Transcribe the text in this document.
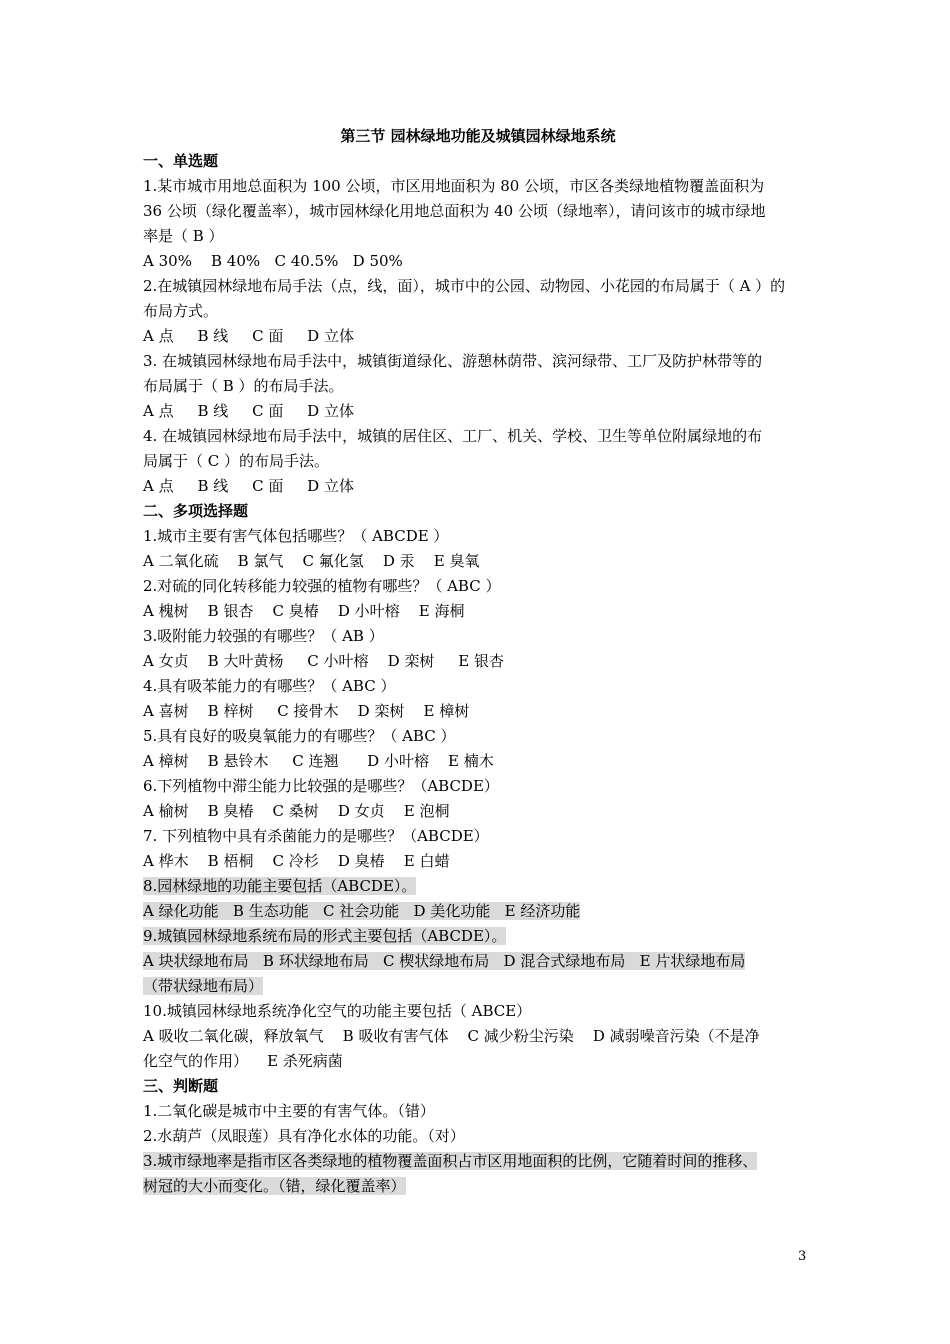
第三节 园林绿地功能及城镇园林绿地系统

一、单选题

1.某市城市用地总面积为 100 公顷，市区用地面积为 80 公顷，市区各类绿地植物覆盖面积为

36 公顷（绿化覆盖率），城市园林绿化用地总面积为 40 公顷（绿地率），请问该市的城市绿地

率是（ B ）

A 30%    B 40%   C 40.5%   D 50%

2.在城镇园林绿地布局手法（点，线，面），城市中的公园、动物园、小花园的布局属于（ A ）的

布局方式。

A 点     B 线     C 面     D 立体

3. 在城镇园林绿地布局手法中，城镇街道绿化、游憩林荫带、滨河绿带、工厂及防护林带等的

布局属于（ B ）的布局手法。

A 点     B 线     C 面     D 立体

4. 在城镇园林绿地布局手法中，城镇的居住区、工厂、机关、学校、卫生等单位附属绿地的布

局属于（ C ）的布局手法。

A 点     B 线     C 面     D 立体

二、多项选择题

1.城市主要有害气体包括哪些？（ ABCDE ）

A 二氧化硫    B 氯气    C 氟化氢    D 汞    E 臭氧

2.对硫的同化转移能力较强的植物有哪些？（ ABC ）

A 槐树    B 银杏    C 臭椿    D 小叶榕    E 海桐

3.吸附能力较强的有哪些？（ AB ）

A 女贞    B 大叶黄杨     C 小叶榕    D 栾树     E 银杏

4.具有吸苯能力的有哪些？（ ABC ）

A 喜树    B 梓树     C 接骨木    D 栾树    E 樟树

5.具有良好的吸臭氧能力的有哪些？（ ABC ）

A 樟树    B 悬铃木     C 连翘      D 小叶榕    E 楠木

6.下列植物中滞尘能力比较强的是哪些？（ABCDE）

A 榆树    B 臭椿    C 桑树    D 女贞    E 泡桐

7. 下列植物中具有杀菌能力的是哪些？（ABCDE）

A 桦木    B 梧桐    C 冷杉    D 臭椿    E 白蜡

8.园林绿地的功能主要包括（ABCDE）。

A 绿化功能   B 生态功能   C 社会功能   D 美化功能   E 经济功能

9.城镇园林绿地系统布局的形式主要包括（ABCDE）。

A 块状绿地布局   B 环状绿地布局   C 楔状绿地布局   D 混合式绿地布局   E 片状绿地布局

（带状绿地布局）

10.城镇园林绿地系统净化空气的功能主要包括（ ABCE）

A 吸收二氧化碳，释放氧气    B 吸收有害气体    C 减少粉尘污染    D 减弱噪音污染（不是净

化空气的作用）    E 杀死病菌

三、判断题

1.二氧化碳是城市中主要的有害气体。（错）

2.水葫芦（凤眼莲）具有净化水体的功能。（对）

3.城市绿地率是指市区各类绿地的植物覆盖面积占市区用地面积的比例，它随着时间的推移、

树冠的大小而变化。（错，绿化覆盖率）

3
